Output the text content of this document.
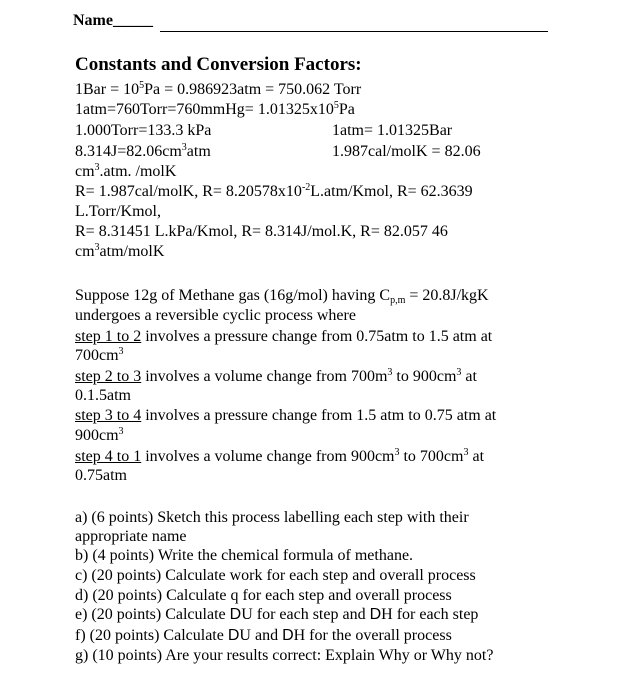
Name_____
Constants and Conversion Factors:
$1Bar = 10^5Pa = 0.986923atm = 750.062$ Torr
1atm=760Torr=760mmHg= $1.01325x10^5Pa$
1.000Torr=133.3 kPa	1atm= 1.01325Bar
$8.314J=82.06cm^3atm$	1.987cal/molK = 82.06
$cm^3.atm$. /molK
R= 1.987cal/molK, $R= 8.20578x10^{-2}L.atm$/Kmol, R= 62.3639
L.Torr/Kmol,
R= 8.31451 L.kPa/Kmol, R= 8.314J/mol.K, R= 82.057 46
$cm^3atm$/molK
Suppose 12g of Methane gas (16g/mol) having $C_{p,m} = 20.8J/kgK$
undergoes a reversible cyclic process where
step 1 to 2 involves a pressure change from 0.75atm to 1.5 atm at
$700cm^3$
step 2 to 3 involves a volume change from $700m^3$ to $900cm^3$ at
0.1.5atm
step 3 to 4 involves a pressure change from 1.5 atm to 0.75 atm at
$900cm^3$
step 4 to 1 involves a volume change from $900cm^3$ to $700cm^3$ at
0.75atm
a) (6 points) Sketch this process labelling each step with their
appropriate name
b) (4 points) Write the chemical formula of methane.
c) (20 points) Calculate work for each step and overall process
d) (20 points) Calculate q for each step and overall process
e) (20 points) Calculate DU for each step and DH for each step
f) (20 points) Calculate DU and DH for the overall process
g) (10 points) Are your results correct: Explain Why or Why not?
